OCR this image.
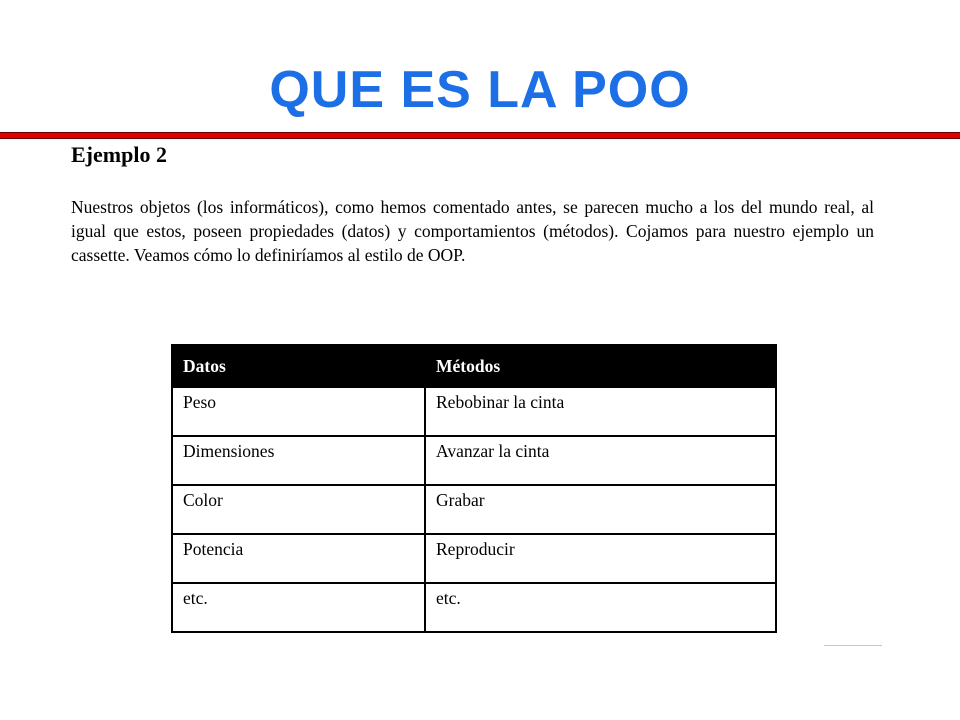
QUE ES LA POO
Ejemplo 2

Nuestros objetos (los informáticos), como hemos comentado antes, se parecen mucho a los del mundo real, al igual que estos, poseen propiedades (datos) y comportamientos (métodos). Cojamos para nuestro ejemplo un cassette. Veamos cómo lo definiríamos al estilo de OOP.

Datos	Métodos
Peso	Rebobinar la cinta
Dimensiones	Avanzar la cinta
Color	Grabar
Potencia	Reproducir
etc.	etc.
